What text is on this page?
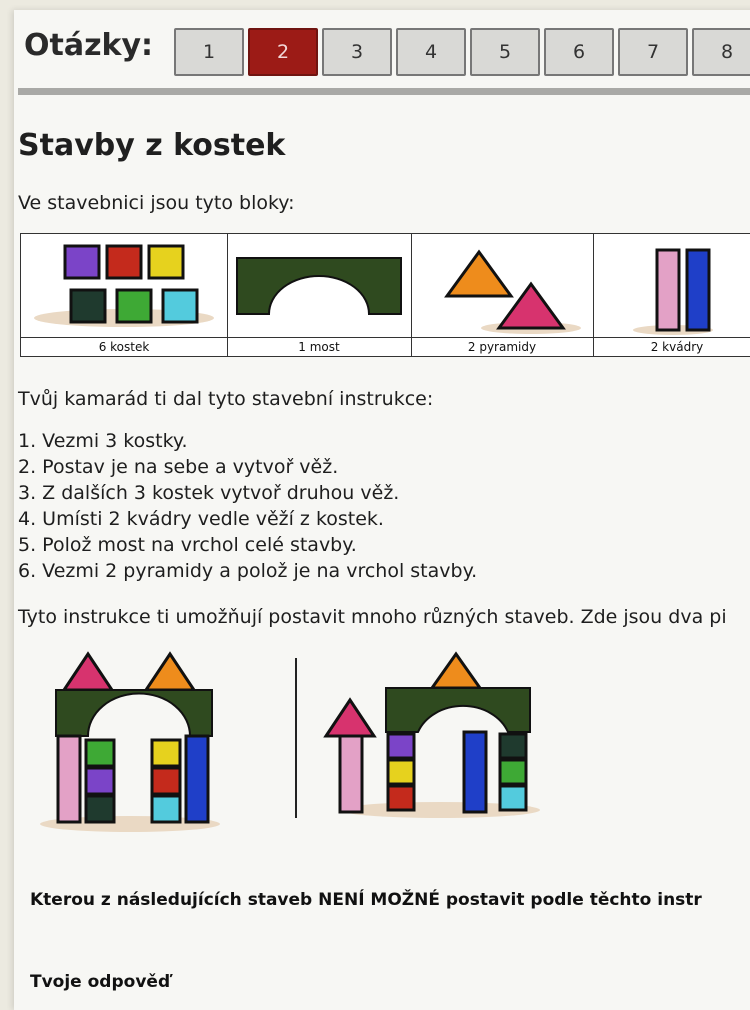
Otázky:	1	2	3	4	5	6	7	8
Stavby z kostek
Ve stavebnici jsou tyto bloky:
6 kostek	1 most	2 pyramidy	2 kvádry
Tvůj kamarád ti dal tyto stavební instrukce:
1. Vezmi 3 kostky.
2. Postav je na sebe a vytvoř věž.
3. Z dalších 3 kostek vytvoř druhou věž.
4. Umísti 2 kvádry vedle věží z kostek.
5. Polož most na vrchol celé stavby.
6. Vezmi 2 pyramidy a polož je na vrchol stavby.
Tyto instrukce ti umožňují postavit mnoho různých staveb. Zde jsou dva pi
Kterou z následujících staveb NENÍ MOŽNÉ postavit podle těchto instr
Tvoje odpověď
